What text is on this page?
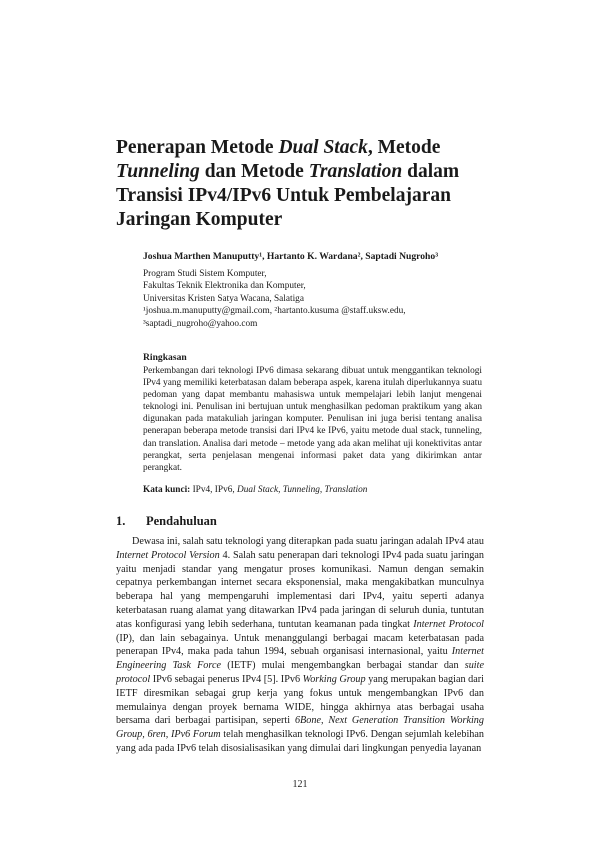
Penerapan Metode Dual Stack, Metode Tunneling dan Metode Translation dalam Transisi IPv4/IPv6 Untuk Pembelajaran Jaringan Komputer
Joshua Marthen Manuputty¹, Hartanto K. Wardana², Saptadi Nugroho³
Program Studi Sistem Komputer,
Fakultas Teknik Elektronika dan Komputer,
Universitas Kristen Satya Wacana, Salatiga
¹joshua.m.manuputty@gmail.com, ²hartanto.kusuma @staff.uksw.edu,
³saptadi_nugroho@yahoo.com
Ringkasan

Perkembangan dari teknologi IPv6 dimasa sekarang dibuat untuk menggantikan teknologi IPv4 yang memiliki keterbatasan dalam beberapa aspek, karena itulah diperlukannya suatu pedoman yang dapat membantu mahasiswa untuk mempelajari lebih lanjut mengenai teknologi ini. Penulisan ini bertujuan untuk menghasilkan pedoman praktikum yang akan digunakan pada matakuliah jaringan komputer. Penulisan ini juga berisi tentang analisa penerapan beberapa metode transisi dari IPv4 ke IPv6, yaitu metode dual stack, tunneling, dan translation. Analisa dari metode – metode yang ada akan melihat uji konektivitas antar perangkat, serta penjelasan mengenai informasi paket data yang dikirimkan antar perangkat.

Kata kunci: IPv4, IPv6, Dual Stack, Tunneling, Translation
1. Pendahuluan

Dewasa ini, salah satu teknologi yang diterapkan pada suatu jaringan adalah IPv4 atau Internet Protocol Version 4. Salah satu penerapan dari teknologi IPv4 pada suatu jaringan yaitu menjadi standar yang mengatur proses komunikasi. Namun dengan semakin cepatnya perkembangan internet secara eksponensial, maka mengakibatkan munculnya beberapa hal yang mempengaruhi implementasi dari IPv4, yaitu seperti adanya keterbatasan ruang alamat yang ditawarkan IPv4 pada jaringan di seluruh dunia, tuntutan atas konfigurasi yang lebih sederhana, tuntutan keamanan pada tingkat Internet Protocol (IP), dan lain sebagainya. Untuk menanggulangi berbagai macam keterbatasan pada penerapan IPv4, maka pada tahun 1994, sebuah organisasi internasional, yaitu Internet Engineering Task Force (IETF) mulai mengembangkan berbagai standar dan suite protocol IPv6 sebagai penerus IPv4 [5]. IPv6 Working Group yang merupakan bagian dari IETF diresmikan sebagai grup kerja yang fokus untuk mengembangkan IPv6 dan memulainya dengan proyek bernama WIDE, hingga akhirnya atas berbagai usaha bersama dari berbagai partisipan, seperti 6Bone, Next Generation Transition Working Group, 6ren, IPv6 Forum telah menghasilkan teknologi IPv6. Dengan sejumlah kelebihan yang ada pada IPv6 telah disosialisasikan yang dimulai dari lingkungan penyedia layanan

121
